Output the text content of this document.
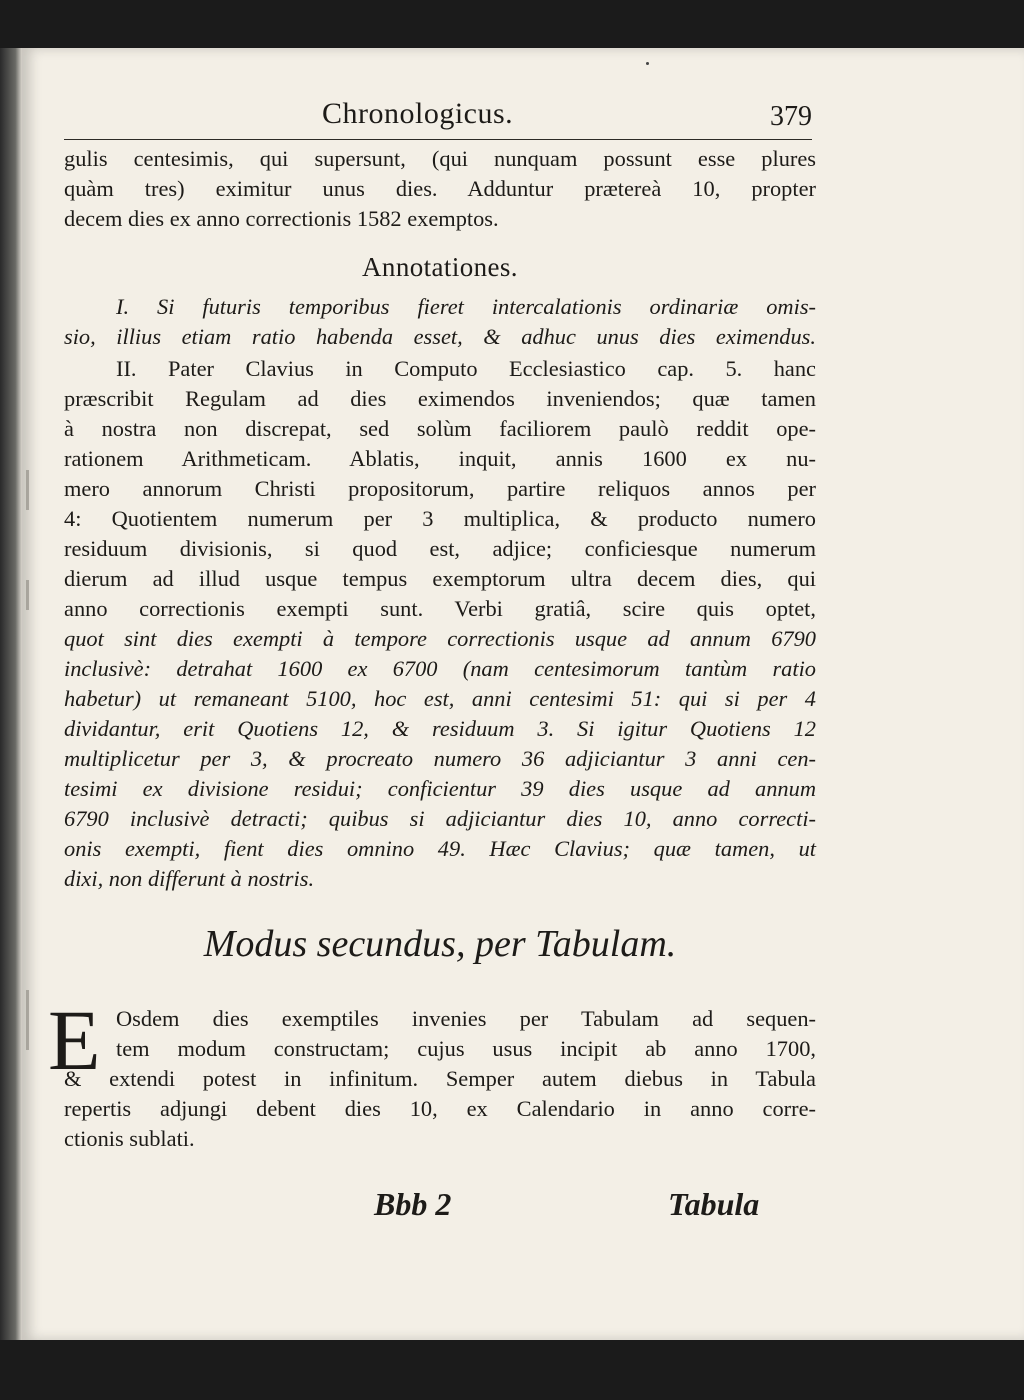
Chronologicus.	379
gulis centesimis, qui supersunt, (qui nunquam possunt esse plures
quàm tres) eximitur unus dies. Adduntur prætereà 10, propter
decem dies ex anno correctionis 1582 exemptos.
Annotationes.
I. Si futuris temporibus fieret intercalationis ordinariæ omis-
sio, illius etiam ratio habenda esset, & adhuc unus dies eximendus.
II. Pater Clavius in Computo Ecclesiastico cap. 5. hanc
præscribit Regulam ad dies eximendos inveniendos; quæ tamen
à nostra non discrepat, sed solùm faciliorem paulò reddit ope-
rationem Arithmeticam. Ablatis, inquit, annis 1600 ex nu-
mero annorum Christi propositorum, partire reliquos annos per
4: Quotientem numerum per 3 multiplica, & producto numero
residuum divisionis, si quod est, adjice; conficiesque numerum
dierum ad illud usque tempus exemptorum ultra decem dies, qui
anno correctionis exempti sunt. Verbi gratiâ, scire quis optet,
quot sint dies exempti à tempore correctionis usque ad annum 6790
inclusivè: detrahat 1600 ex 6700 (nam centesimorum tantùm ratio
habetur) ut remaneant 5100, hoc est, anni centesimi 51: qui si per 4
dividantur, erit Quotiens 12, & residuum 3. Si igitur Quotiens 12
multiplicetur per 3, & procreato numero 36 adjiciantur 3 anni cen-
tesimi ex divisione residui; conficientur 39 dies usque ad annum
6790 inclusivè detracti; quibus si adjiciantur dies 10, anno correcti-
onis exempti, fient dies omnino 49. Hæc Clavius; quæ tamen, ut
dixi, non differunt à nostris.
Modus secundus, per Tabulam.
E Osdem dies exemptiles invenies per Tabulam ad sequen-
tem modum constructam; cujus usus incipit ab anno 1700,
& extendi potest in infinitum. Semper autem diebus in Tabula
repertis adjungi debent dies 10, ex Calendario in anno corre-
ctionis sublati.
Bbb 2	Tabula
